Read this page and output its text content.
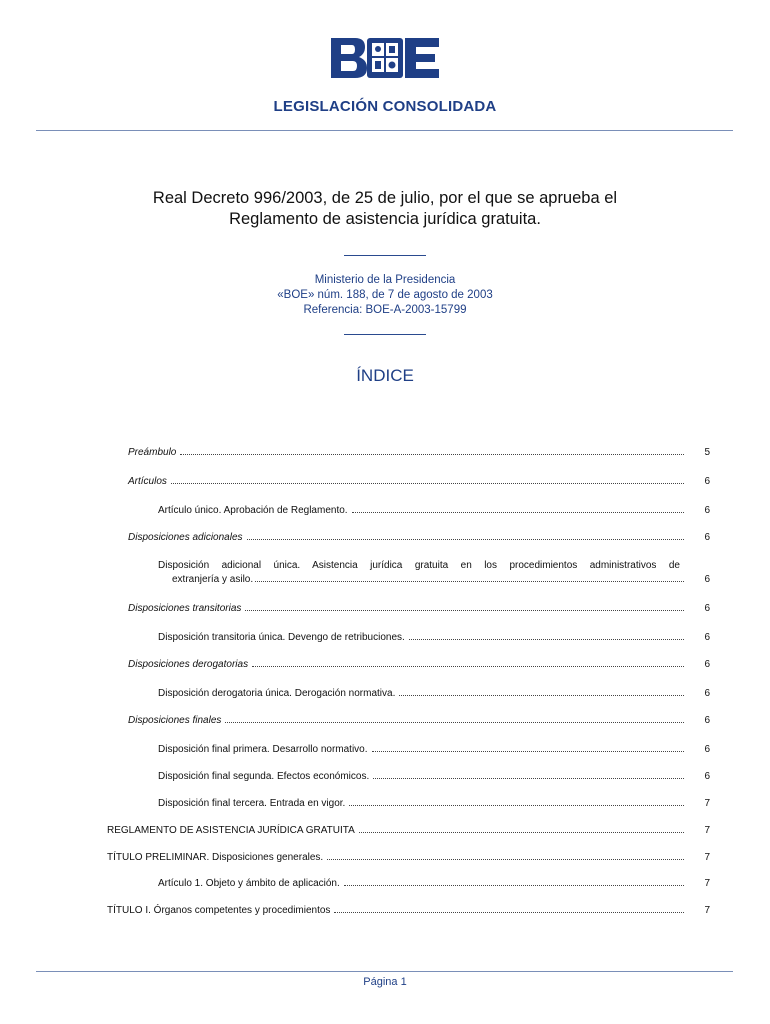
LEGISLACIÓN CONSOLIDADA
Real Decreto 996/2003, de 25 de julio, por el que se aprueba el
Reglamento de asistencia jurídica gratuita.
Ministerio de la Presidencia
«BOE» núm. 188, de 7 de agosto de 2003
Referencia: BOE-A-2003-15799
ÍNDICE
Preámbulo	5
Artículos	6
Artículo único. Aprobación de Reglamento.	6
Disposiciones adicionales	6
Disposición adicional única. Asistencia jurídica gratuita en los procedimientos administrativos de
extranjería y asilo.	6
Disposiciones transitorias	6
Disposición transitoria única. Devengo de retribuciones.	6
Disposiciones derogatorias	6
Disposición derogatoria única. Derogación normativa.	6
Disposiciones finales	6
Disposición final primera. Desarrollo normativo.	6
Disposición final segunda. Efectos económicos.	6
Disposición final tercera. Entrada en vigor.	7
REGLAMENTO DE ASISTENCIA JURÍDICA GRATUITA	7
TÍTULO PRELIMINAR. Disposiciones generales.	7
Artículo 1. Objeto y ámbito de aplicación.	7
TÍTULO I. Órganos competentes y procedimientos	7
Página 1
